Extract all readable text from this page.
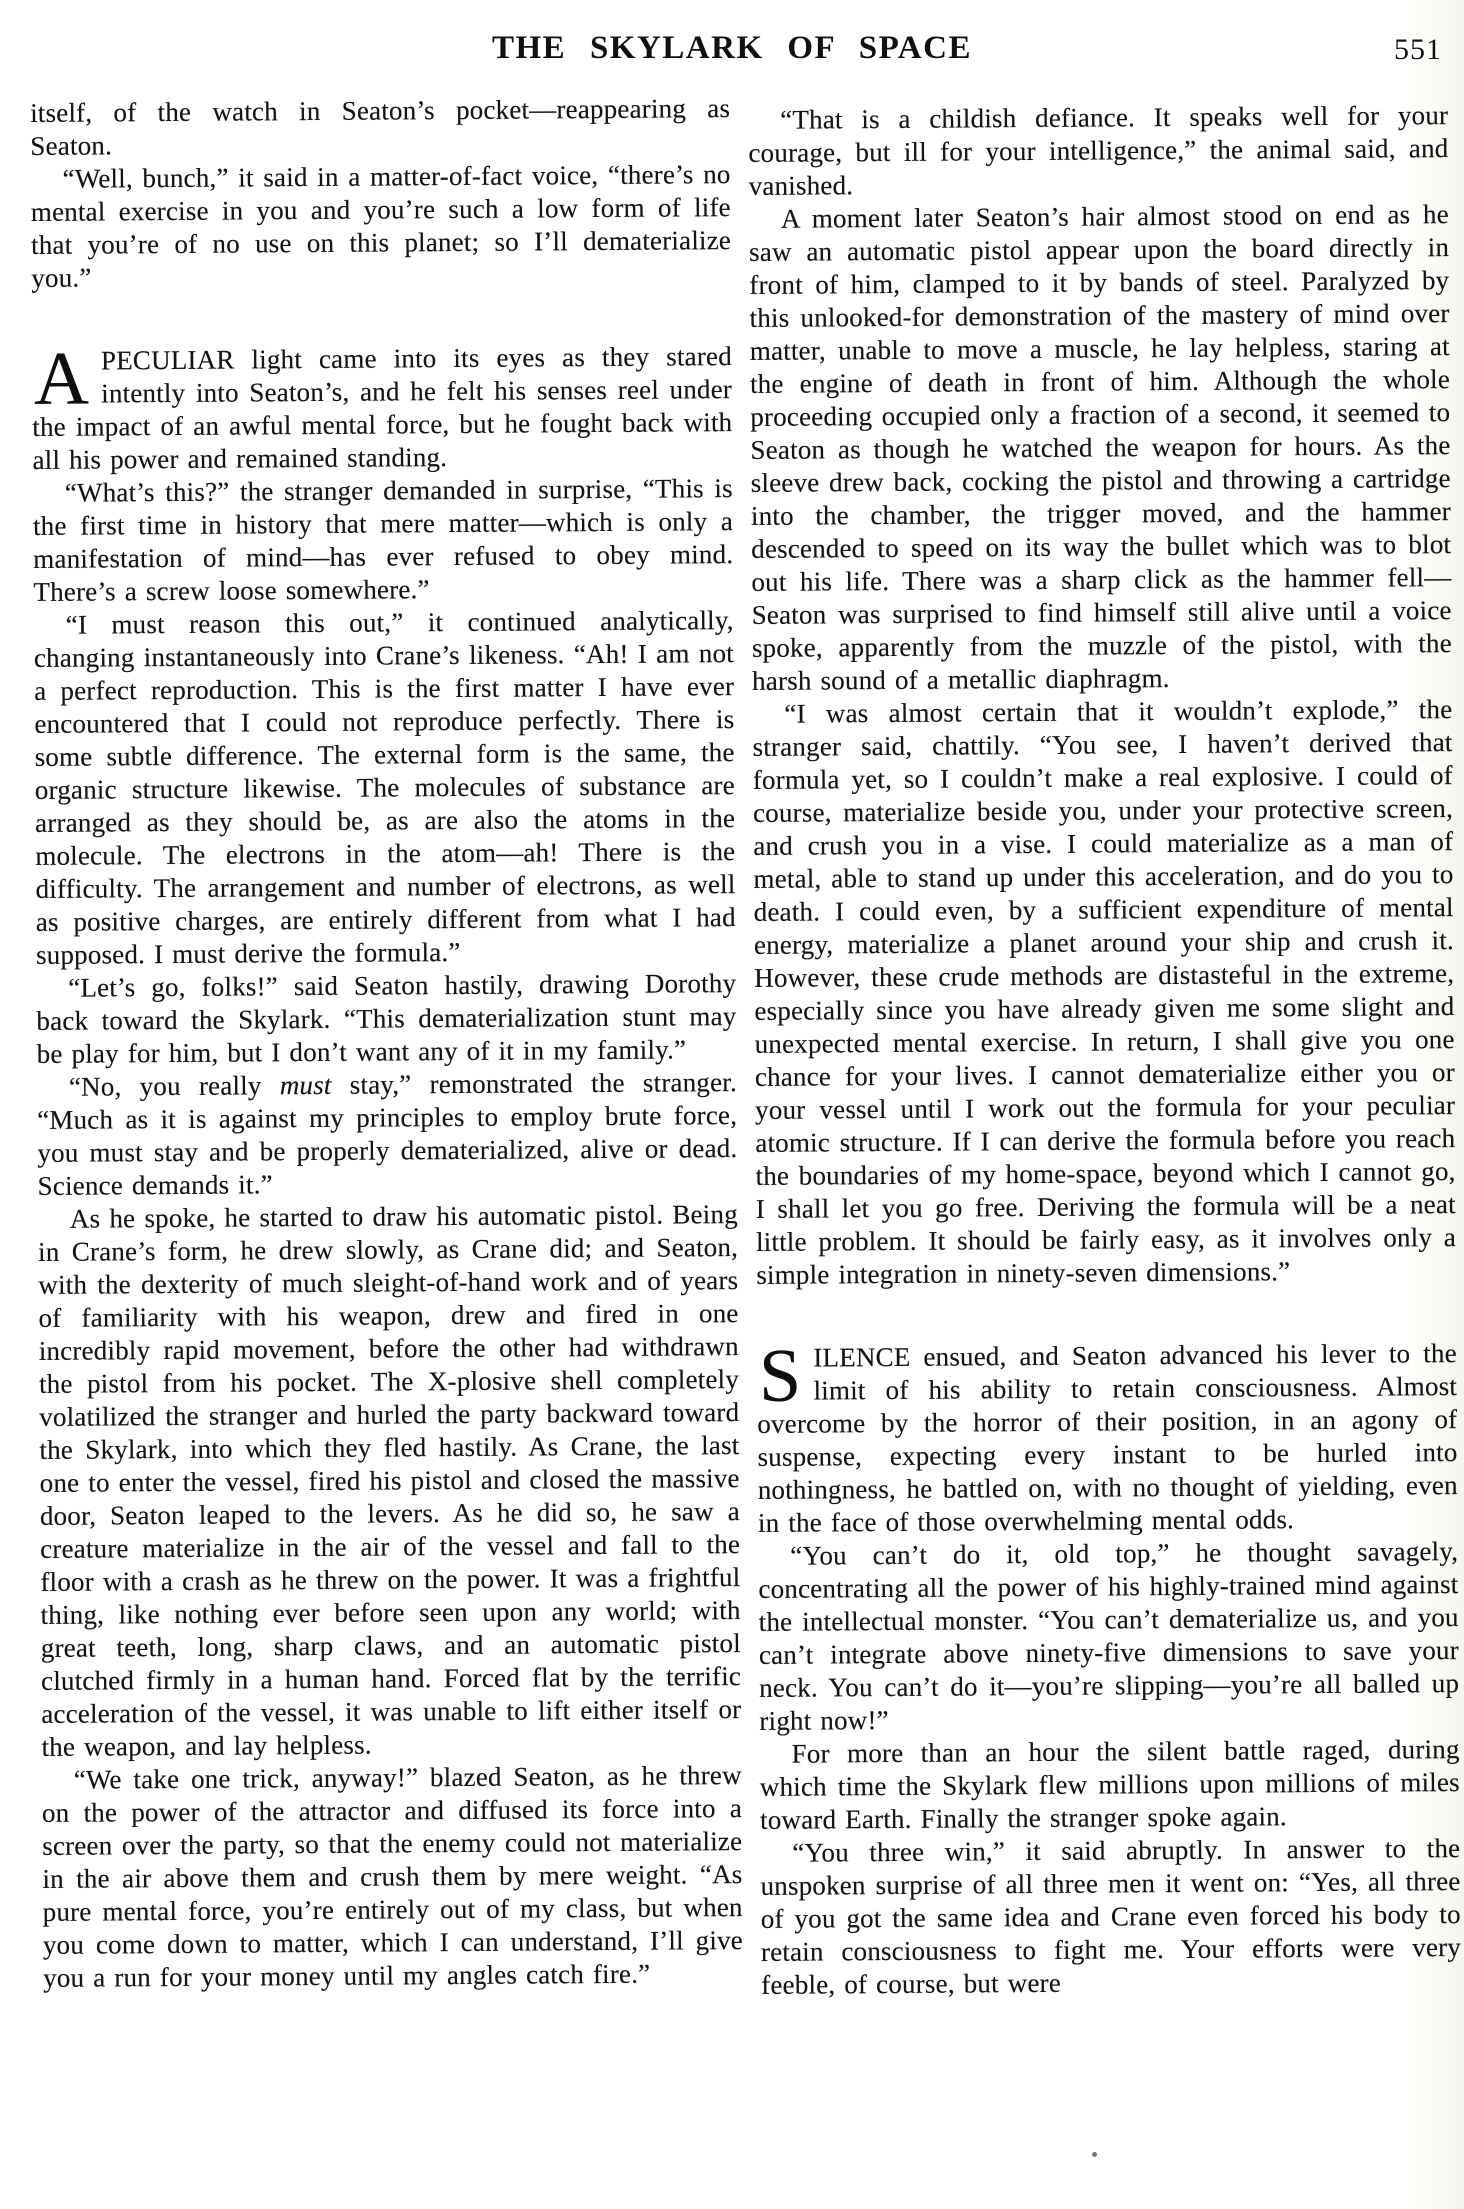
THE SKYLARK OF SPACE	551

itself, of the watch in Seaton’s pocket—reappearing as Seaton.

“Well, bunch,” it said in a matter-of-fact voice, “there’s no mental exercise in you and you’re such a low form of life that you’re of no use on this planet; so I’ll dematerialize you.”

APECULIAR light came into its eyes as they stared intently into Seaton’s, and he felt his senses reel under the impact of an awful mental force, but he fought back with all his power and remained standing.

“What’s this?” the stranger demanded in surprise, “This is the first time in history that mere matter—which is only a manifestation of mind—has ever refused to obey mind. There’s a screw loose somewhere.”

“I must reason this out,” it continued analytically, changing instantaneously into Crane’s likeness. “Ah! I am not a perfect reproduction. This is the first matter I have ever encountered that I could not reproduce perfectly. There is some subtle difference. The external form is the same, the organic structure likewise. The molecules of substance are arranged as they should be, as are also the atoms in the molecule. The electrons in the atom—ah! There is the difficulty. The arrangement and number of electrons, as well as positive charges, are entirely different from what I had supposed. I must derive the formula.”

“Let’s go, folks!” said Seaton hastily, drawing Dorothy back toward the Skylark. “This dematerialization stunt may be play for him, but I don’t want any of it in my family.”

“No, you really must stay,” remonstrated the stranger. “Much as it is against my principles to employ brute force, you must stay and be properly dematerialized, alive or dead. Science demands it.”

As he spoke, he started to draw his automatic pistol. Being in Crane’s form, he drew slowly, as Crane did; and Seaton, with the dexterity of much sleight-of-hand work and of years of familiarity with his weapon, drew and fired in one incredibly rapid movement, before the other had withdrawn the pistol from his pocket. The X-plosive shell completely volatilized the stranger and hurled the party backward toward the Skylark, into which they fled hastily. As Crane, the last one to enter the vessel, fired his pistol and closed the massive door, Seaton leaped to the levers. As he did so, he saw a creature materialize in the air of the vessel and fall to the floor with a crash as he threw on the power. It was a frightful thing, like nothing ever before seen upon any world; with great teeth, long, sharp claws, and an automatic pistol clutched firmly in a human hand. Forced flat by the terrific acceleration of the vessel, it was unable to lift either itself or the weapon, and lay helpless.

“We take one trick, anyway!” blazed Seaton, as he threw on the power of the attractor and diffused its force into a screen over the party, so that the enemy could not materialize in the air above them and crush them by mere weight. “As pure mental force, you’re entirely out of my class, but when you come down to matter, which I can understand, I’ll give you a run for your money until my angles catch fire.”

“That is a childish defiance. It speaks well for your courage, but ill for your intelligence,” the animal said, and vanished.

A moment later Seaton’s hair almost stood on end as he saw an automatic pistol appear upon the board directly in front of him, clamped to it by bands of steel. Paralyzed by this unlooked-for demonstration of the mastery of mind over matter, unable to move a muscle, he lay helpless, staring at the engine of death in front of him. Although the whole proceeding occupied only a fraction of a second, it seemed to Seaton as though he watched the weapon for hours. As the sleeve drew back, cocking the pistol and throwing a cartridge into the chamber, the trigger moved, and the hammer descended to speed on its way the bullet which was to blot out his life. There was a sharp click as the hammer fell—Seaton was surprised to find himself still alive until a voice spoke, apparently from the muzzle of the pistol, with the harsh sound of a metallic diaphragm.

“I was almost certain that it wouldn’t explode,” the stranger said, chattily. “You see, I haven’t derived that formula yet, so I couldn’t make a real explosive. I could of course, materialize beside you, under your protective screen, and crush you in a vise. I could materialize as a man of metal, able to stand up under this acceleration, and do you to death. I could even, by a sufficient expenditure of mental energy, materialize a planet around your ship and crush it. However, these crude methods are distasteful in the extreme, especially since you have already given me some slight and unexpected mental exercise. In return, I shall give you one chance for your lives. I cannot dematerialize either you or your vessel until I work out the formula for your peculiar atomic structure. If I can derive the formula before you reach the boundaries of my home-space, beyond which I cannot go, I shall let you go free. Deriving the formula will be a neat little problem. It should be fairly easy, as it involves only a simple integration in ninety-seven dimensions.”

SILENCE ensued, and Seaton advanced his lever to the limit of his ability to retain consciousness. Almost overcome by the horror of their position, in an agony of suspense, expecting every instant to be hurled into nothingness, he battled on, with no thought of yielding, even in the face of those overwhelming mental odds.

“You can’t do it, old top,” he thought savagely, concentrating all the power of his highly-trained mind against the intellectual monster. “You can’t dematerialize us, and you can’t integrate above ninety-five dimensions to save your neck. You can’t do it—you’re slipping—you’re all balled up right now!”

For more than an hour the silent battle raged, during which time the Skylark flew millions upon millions of miles toward Earth. Finally the stranger spoke again.

“You three win,” it said abruptly. In answer to the unspoken surprise of all three men it went on: “Yes, all three of you got the same idea and Crane even forced his body to retain consciousness to fight me. Your efforts were very feeble, of course, but were
